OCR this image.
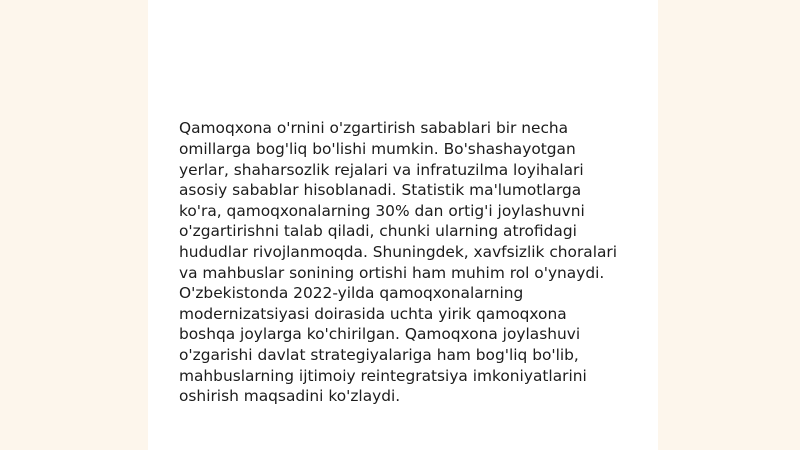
Qamoqxona o'rnini o'zgartirish sabablari bir necha omillarga bog'liq bo'lishi mumkin. Bo'shashayotgan yerlar, shaharsozlik rejalari va infratuzilma loyihalari asosiy sabablar hisoblanadi. Statistik ma'lumotlarga ko'ra, qamoqxonalarning 30% dan ortig'i joylashuvni o'zgartirishni talab qiladi, chunki ularning atrofidagi hududlar rivojlanmoqda. Shuningdek, xavfsizlik choralari va mahbuslar sonining ortishi ham muhim rol o'ynaydi. O'zbekistonda 2022-yilda qamoqxonalarning modernizatsiyasi doirasida uchta yirik qamoqxona boshqa joylarga ko'chirilgan. Qamoqxona joylashuvi o'zgarishi davlat strategiyalariga ham bog'liq bo'lib, mahbuslarning ijtimoiy reintegratsiya imkoniyatlarini oshirish maqsadini ko'zlaydi.
